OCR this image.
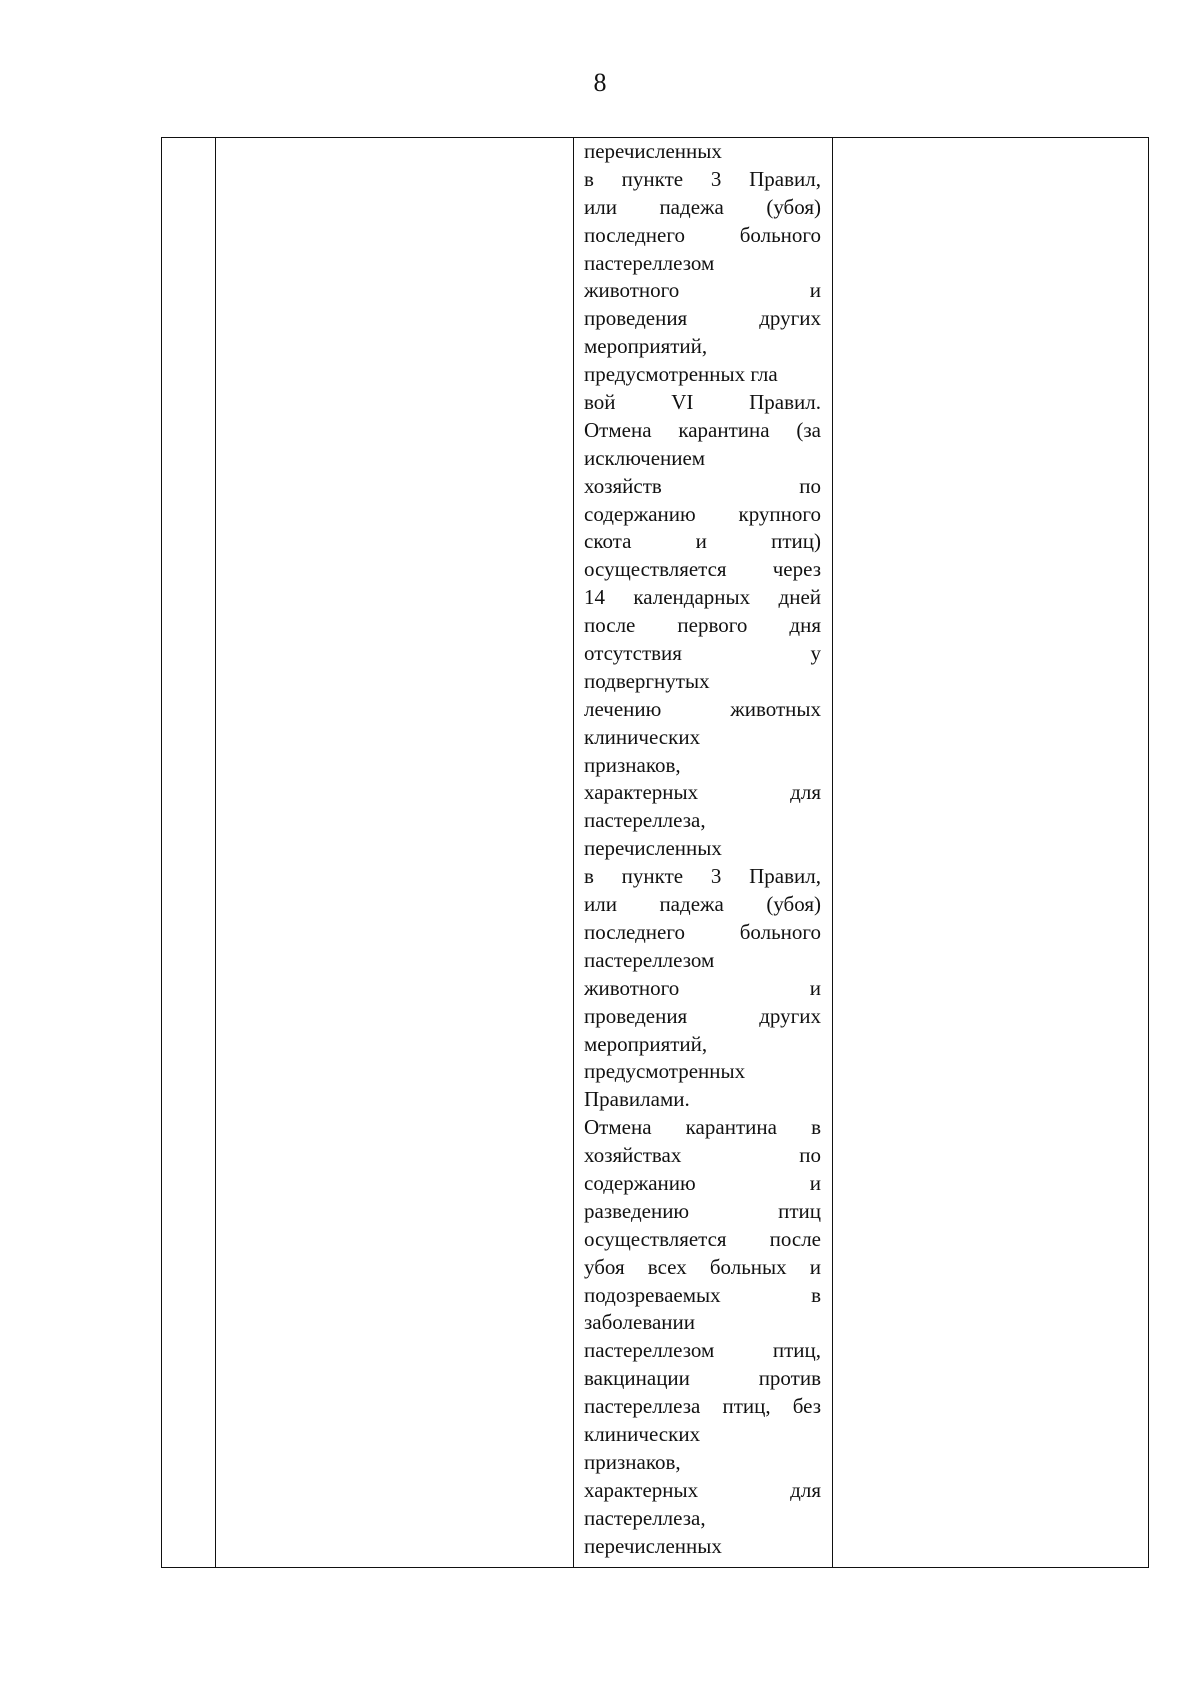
8

перечисленных
в пункте 3 Правил,
или падежа (убоя)
последнего больного
пастереллезом
животного и
проведения других
мероприятий,
предусмотренных гла
вой VI Правил.
Отмена карантина (за
исключением
хозяйств по
содержанию крупного
скота и птиц)
осуществляется через
14 календарных дней
после первого дня
отсутствия у
подвергнутых
лечению животных
клинических
признаков,
характерных для
пастереллеза,
перечисленных
в пункте 3 Правил,
или падежа (убоя)
последнего больного
пастереллезом
животного и
проведения других
мероприятий,
предусмотренных
Правилами.
Отмена карантина в
хозяйствах по
содержанию и
разведению птиц
осуществляется после
убоя всех больных и
подозреваемых в
заболевании
пастереллезом птиц,
вакцинации против
пастереллеза птиц, без
клинических
признаков,
характерных для
пастереллеза,
перечисленных
